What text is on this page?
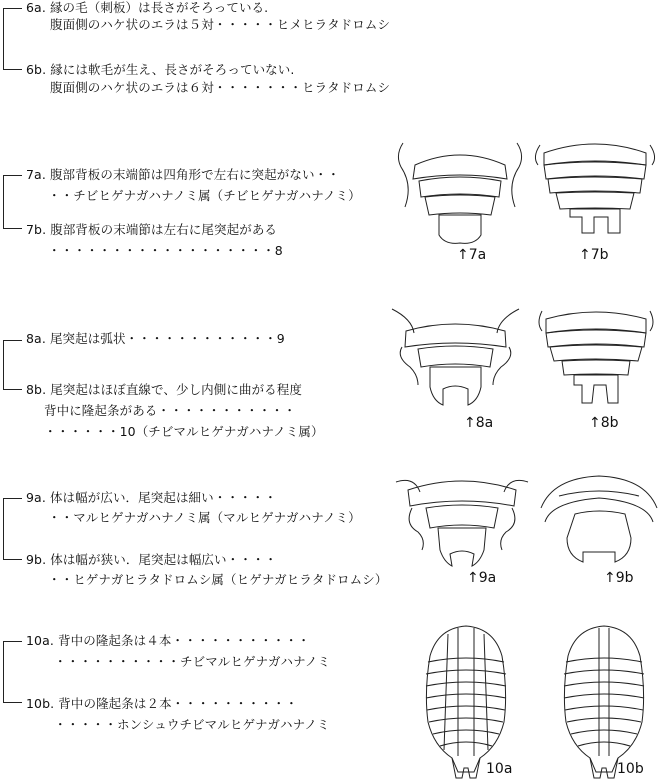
6a. 縁の毛（刺板）は長さがそろっている.
腹面側のハケ状のエラは５対・・・・・ヒメヒラタドロムシ
6b. 縁には軟毛が生え、長さがそろっていない.
腹面側のハケ状のエラは６対・・・・・・・ヒラタドロムシ
7a. 腹部背板の末端節は四角形で左右に突起がない・・
・・チビヒゲナガハナノミ属（チビヒゲナガハナノミ）
7b. 腹部背板の末端節は左右に尾突起がある
・・・・・・・・・・・・・・・・・・8
8a. 尾突起は弧状・・・・・・・・・・・・9
8b. 尾突起はほぼ直線で、少し内側に曲がる程度
背中に隆起条がある・・・・・・・・・・・
・・・・・・10（チビマルヒゲナガハナノミ属）
9a. 体は幅が広い．尾突起は細い・・・・・
・・マルヒゲナガハナノミ属（マルヒゲナガハナノミ）
9b. 体は幅が狭い．尾突起は幅広い・・・・
・・ヒゲナガヒラタドロムシ属（ヒゲナガヒラタドロムシ）
10a. 背中の隆起条は４本・・・・・・・・・・・
・・・・・・・・・・チビマルヒゲナガハナノミ
10b. 背中の隆起条は２本・・・・・・・・・・
・・・・・ホンシュウチビマルヒゲナガハナノミ
↑7a	↑7b
↑8a	↑8b
↑9a	↑9b
10a	10b
